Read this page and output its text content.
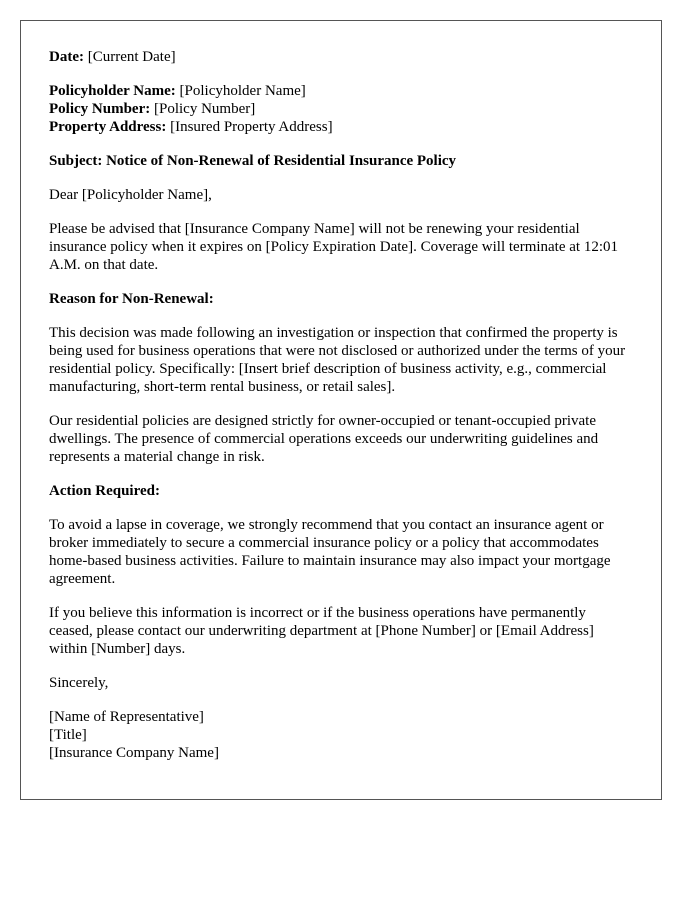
Date: [Current Date]

Policyholder Name: [Policyholder Name]
Policy Number: [Policy Number]
Property Address: [Insured Property Address]

Subject: Notice of Non-Renewal of Residential Insurance Policy

Dear [Policyholder Name],

Please be advised that [Insurance Company Name] will not be renewing your residential insurance policy when it expires on [Policy Expiration Date]. Coverage will terminate at 12:01 A.M. on that date.

Reason for Non-Renewal:

This decision was made following an investigation or inspection that confirmed the property is being used for business operations that were not disclosed or authorized under the terms of your residential policy. Specifically: [Insert brief description of business activity, e.g., commercial manufacturing, short-term rental business, or retail sales].

Our residential policies are designed strictly for owner-occupied or tenant-occupied private dwellings. The presence of commercial operations exceeds our underwriting guidelines and represents a material change in risk.

Action Required:

To avoid a lapse in coverage, we strongly recommend that you contact an insurance agent or broker immediately to secure a commercial insurance policy or a policy that accommodates home-based business activities. Failure to maintain insurance may also impact your mortgage agreement.

If you believe this information is incorrect or if the business operations have permanently ceased, please contact our underwriting department at [Phone Number] or [Email Address] within [Number] days.

Sincerely,

[Name of Representative]
[Title]
[Insurance Company Name]
